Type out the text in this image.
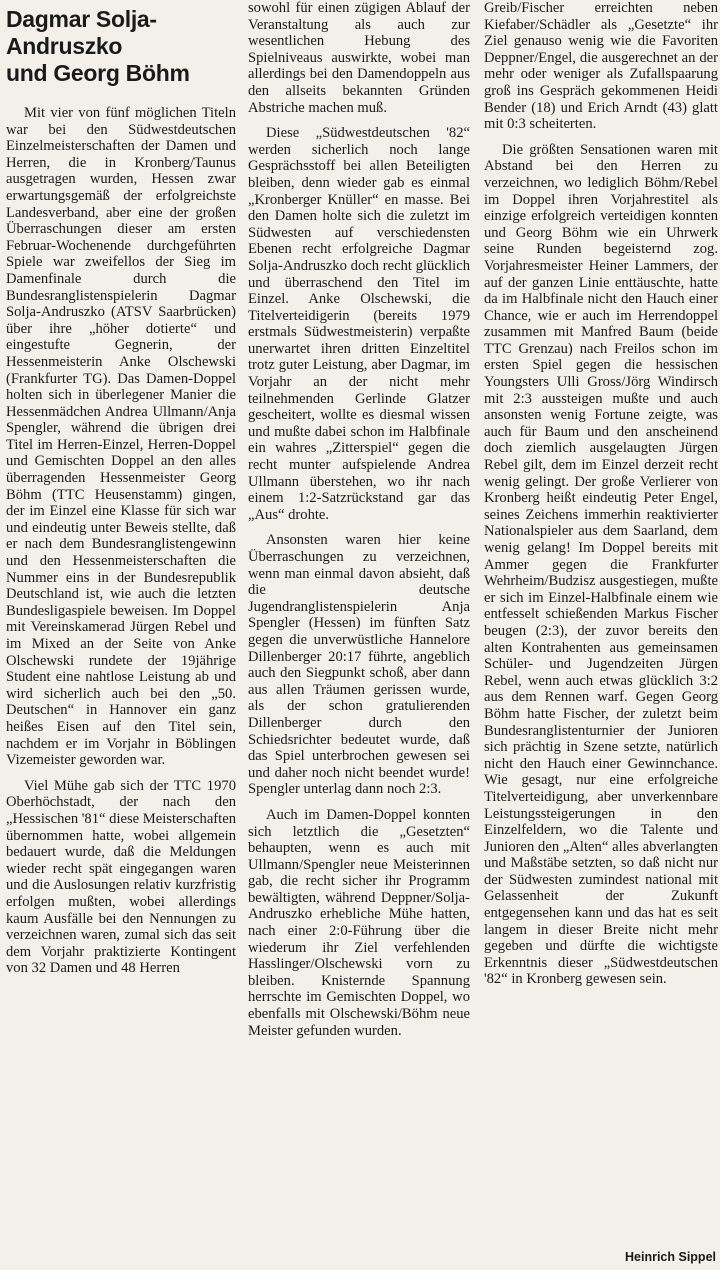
Dagmar Solja-
Andruszko
und Georg Böhm

Mit vier von fünf möglichen Titeln war bei den Südwestdeutschen Einzelmeisterschaften der Damen und Herren, die in Kronberg/Taunus ausgetragen wurden, Hessen zwar erwartungsgemäß der erfolgreichste Landesverband, aber eine der großen Überraschungen dieser am ersten Februar-Wochenende durchgeführten Spiele war zweifellos der Sieg im Damenfinale durch die Bundesranglistenspielerin Dagmar Solja-Andruszko (ATSV Saarbrücken) über ihre „höher dotierte“ und eingestufte Gegnerin, der Hessenmeisterin Anke Olschewski (Frankfurter TG). Das Damen-Doppel holten sich in überlegener Manier die Hessenmädchen Andrea Ullmann/Anja Spengler, während die übrigen drei Titel im Herren-Einzel, Herren-Doppel und Gemischten Doppel an den alles überragenden Hessenmeister Georg Böhm (TTC Heusenstamm) gingen, der im Einzel eine Klasse für sich war und eindeutig unter Beweis stellte, daß er nach dem Bundesranglistengewinn und den Hessenmeisterschaften die Nummer eins in der Bundesrepublik Deutschland ist, wie auch die letzten Bundesligaspiele beweisen. Im Doppel mit Vereinskamerad Jürgen Rebel und im Mixed an der Seite von Anke Olschewski rundete der 19jährige Student eine nahtlose Leistung ab und wird sicherlich auch bei den „50. Deutschen“ in Hannover ein ganz heißes Eisen auf den Titel sein, nachdem er im Vorjahr in Böblingen Vizemeister geworden war.

Viel Mühe gab sich der TTC 1970 Oberhöchstadt, der nach den „Hessischen '81“ diese Meisterschaften übernommen hatte, wobei allgemein bedauert wurde, daß die Meldungen wieder recht spät eingegangen waren und die Auslosungen relativ kurzfristig erfolgen mußten, wobei allerdings kaum Ausfälle bei den Nennungen zu verzeichnen waren, zumal sich das seit dem Vorjahr praktizierte Kontingent von 32 Damen und 48 Herren

sowohl für einen zügigen Ablauf der Veranstaltung als auch zur wesentlichen Hebung des Spielniveaus auswirkte, wobei man allerdings bei den Damendoppeln aus den allseits bekannten Gründen Abstriche machen muß.

Diese „Südwestdeutschen '82“ werden sicherlich noch lange Gesprächsstoff bei allen Beteiligten bleiben, denn wieder gab es einmal „Kronberger Knüller“ en masse. Bei den Damen holte sich die zuletzt im Südwesten auf verschiedensten Ebenen recht erfolgreiche Dagmar Solja-Andruszko doch recht glücklich und überraschend den Titel im Einzel. Anke Olschewski, die Titelverteidigerin (bereits 1979 erstmals Südwestmeisterin) verpaßte unerwartet ihren dritten Einzeltitel trotz guter Leistung, aber Dagmar, im Vorjahr an der nicht mehr teilnehmenden Gerlinde Glatzer gescheitert, wollte es diesmal wissen und mußte dabei schon im Halbfinale ein wahres „Zitterspiel“ gegen die recht munter aufspielende Andrea Ullmann überstehen, wo ihr nach einem 1:2-Satzrückstand gar das „Aus“ drohte.

Ansonsten waren hier keine Überraschungen zu verzeichnen, wenn man einmal davon absieht, daß die deutsche Jugendranglistenspielerin Anja Spengler (Hessen) im fünften Satz gegen die unverwüstliche Hannelore Dillenberger 20:17 führte, angeblich auch den Siegpunkt schoß, aber dann aus allen Träumen gerissen wurde, als der schon gratulierenden Dillenberger durch den Schiedsrichter bedeutet wurde, daß das Spiel unterbrochen gewesen sei und daher noch nicht beendet wurde! Spengler unterlag dann noch 2:3.

Auch im Damen-Doppel konnten sich letztlich die „Gesetzten“ behaupten, wenn es auch mit Ullmann/Spengler neue Meisterinnen gab, die recht sicher ihr Programm bewältigten, während Deppner/Solja-Andruszko erhebliche Mühe hatten, nach einer 2:0-Führung über die wiederum ihr Ziel verfehlenden Hasslinger/Olschewski vorn zu bleiben. Knisternde Spannung herrschte im Gemischten Doppel, wo ebenfalls mit Olschewski/Böhm neue Meister gefunden wurden.

Greib/Fischer erreichten neben Kiefaber/Schädler als „Gesetzte“ ihr Ziel genauso wenig wie die Favoriten Deppner/Engel, die ausgerechnet an der mehr oder weniger als Zufallspaarung groß ins Gespräch gekommenen Heidi Bender (18) und Erich Arndt (43) glatt mit 0:3 scheiterten.

Die größten Sensationen waren mit Abstand bei den Herren zu verzeichnen, wo lediglich Böhm/Rebel im Doppel ihren Vorjahrestitel als einzige erfolgreich verteidigen konnten und Georg Böhm wie ein Uhrwerk seine Runden begeisternd zog. Vorjahresmeister Heiner Lammers, der auf der ganzen Linie enttäuschte, hatte da im Halbfinale nicht den Hauch einer Chance, wie er auch im Herrendoppel zusammen mit Manfred Baum (beide TTC Grenzau) nach Freilos schon im ersten Spiel gegen die hessischen Youngsters Ulli Gross/Jörg Windirsch mit 2:3 aussteigen mußte und auch ansonsten wenig Fortune zeigte, was auch für Baum und den anscheinend doch ziemlich ausgelaugten Jürgen Rebel gilt, dem im Einzel derzeit recht wenig gelingt. Der große Verlierer von Kronberg heißt eindeutig Peter Engel, seines Zeichens immerhin reaktivierter Nationalspieler aus dem Saarland, dem wenig gelang! Im Doppel bereits mit Ammer gegen die Frankfurter Wehrheim/Budzisz ausgestiegen, mußte er sich im Einzel-Halbfinale einem wie entfesselt schießenden Markus Fischer beugen (2:3), der zuvor bereits den alten Kontrahenten aus gemeinsamen Schüler- und Jugendzeiten Jürgen Rebel, wenn auch etwas glücklich 3:2 aus dem Rennen warf. Gegen Georg Böhm hatte Fischer, der zuletzt beim Bundesranglistenturnier der Junioren sich prächtig in Szene setzte, natürlich nicht den Hauch einer Gewinnchance. Wie gesagt, nur eine erfolgreiche Titelverteidigung, aber unverkennbare Leistungssteigerungen in den Einzelfeldern, wo die Talente und Junioren den „Alten“ alles abverlangten und Maßstäbe setzten, so daß nicht nur der Südwesten zumindest national mit Gelassenheit der Zukunft entgegensehen kann und das hat es seit langem in dieser Breite nicht mehr gegeben und dürfte die wichtigste Erkenntnis dieser „Südwestdeutschen '82“ in Kronberg gewesen sein.

Heinrich Sippel
